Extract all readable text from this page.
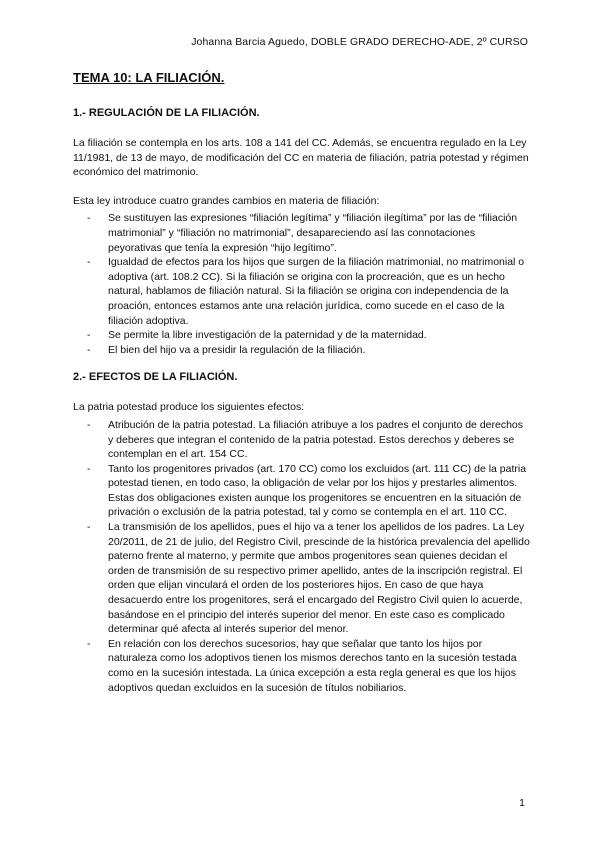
Johanna Barcia Aguedo, DOBLE GRADO DERECHO-ADE, 2º CURSO
TEMA 10: LA FILIACIÓN.
1.- REGULACIÓN DE LA FILIACIÓN.

La filiación se contempla en los arts. 108 a 141 del CC. Además, se encuentra regulado en la Ley 11/1981, de 13 de mayo, de modificación del CC en materia de filiación, patria potestad y régimen económico del matrimonio.

Esta ley introduce cuatro grandes cambios en materia de filiación:

- Se sustituyen las expresiones “filiación legítima” y “filiación ilegítima” por las de “filiación matrimonial” y “filiación no matrimonial”, desapareciendo así las connotaciones peyorativas que tenía la expresión “hijo legítimo”.
- Igualdad de efectos para los hijos que surgen de la filiación matrimonial, no matrimonial o adoptiva (art. 108.2 CC). Si la filiación se origina con la procreación, que es un hecho natural, hablamos de filiación natural. Si la filiación se origina con independencia de la proación, entonces estamos ante una relación jurídica, como sucede en el caso de la filiación adoptiva.
- Se permite la libre investigación de la paternidad y de la maternidad.
- El bien del hijo va a presidir la regulación de la filiación.
2.- EFECTOS DE LA FILIACIÓN.

La patria potestad produce los siguientes efectos:

- Atribución de la patria potestad. La filiación atribuye a los padres el conjunto de derechos y deberes que integran el contenido de la patria potestad. Estos derechos y deberes se contemplan en el art. 154 CC.
- Tanto los progenitores privados (art. 170 CC) como los excluidos (art. 111 CC) de la patria potestad tienen, en todo caso, la obligación de velar por los hijos y prestarles alimentos. Estas dos obligaciones existen aunque los progenitores se encuentren en la situación de privación o exclusión de la patria potestad, tal y como se contempla en el art. 110 CC.
- La transmisión de los apellidos, pues el hijo va a tener los apellidos de los padres. La Ley 20/2011, de 21 de julio, del Registro Civil, prescinde de la histórica prevalencia del apellido paterno frente al materno, y permite que ambos progenitores sean quienes decidan el orden de transmisión de su respectivo primer apellido, antes de la inscripción registral. El orden que elijan vinculará el orden de los posteriores hijos. En caso de que haya desacuerdo entre los progenitores, será el encargado del Registro Civil quien lo acuerde, basándose en el principio del interés superior del menor. En este caso es complicado determinar qué afecta al interés superior del menor.
- En relación con los derechos sucesorios, hay que señalar que tanto los hijos por naturaleza como los adoptivos tienen los mismos derechos tanto en la sucesión testada como en la sucesión intestada. La única excepción a esta regla general es que los hijos adoptivos quedan excluidos en la sucesión de títulos nobiliarios.
1
